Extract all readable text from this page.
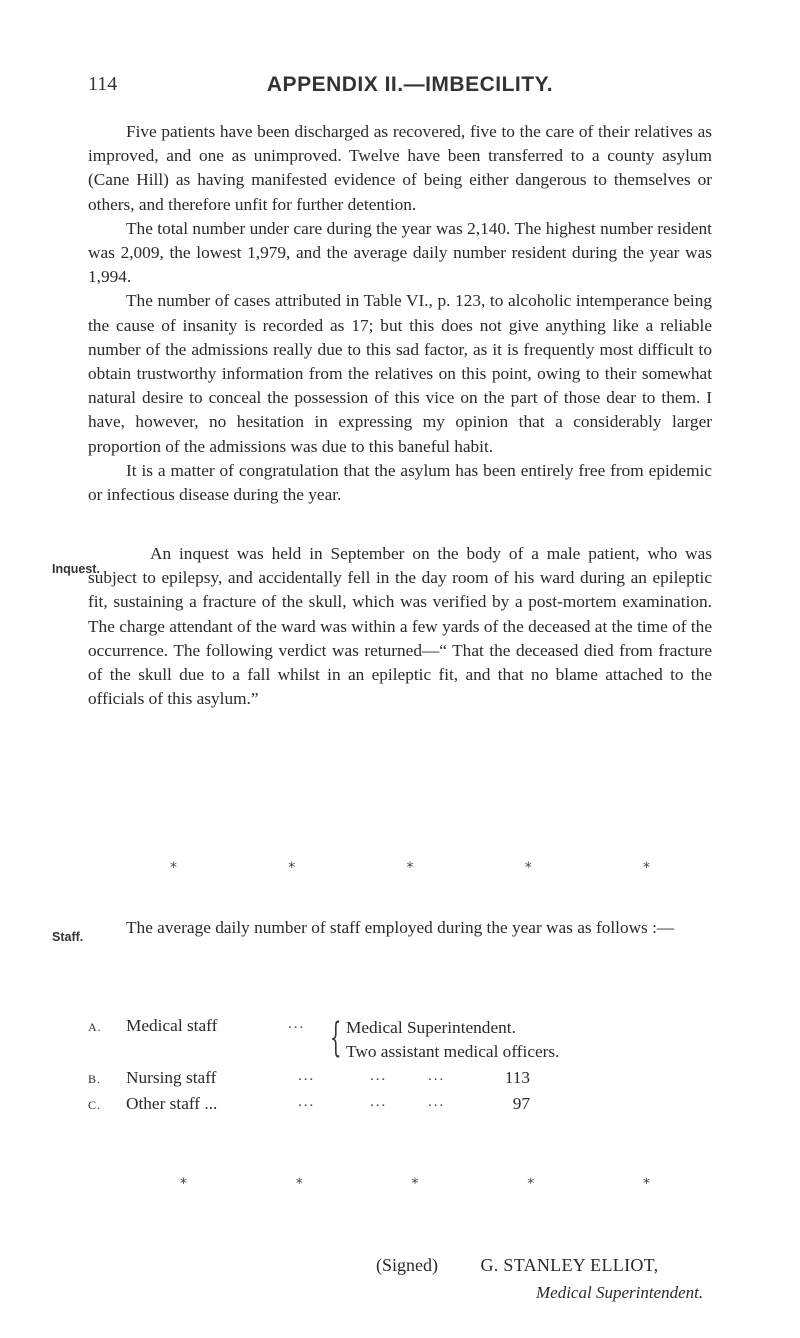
114	APPENDIX II.—IMBECILITY.

Five patients have been discharged as recovered, five to the care of their relatives as improved, and one as unimproved. Twelve have been transferred to a county asylum (Cane Hill) as having manifested evidence of being either dangerous to themselves or others, and therefore unfit for further detention.

The total number under care during the year was 2,140. The highest number resident was 2,009, the lowest 1,979, and the average daily number resident during the year was 1,994.

The number of cases attributed in Table VI., p. 123, to alcoholic intemperance being the cause of insanity is recorded as 17; but this does not give anything like a reliable number of the admissions really due to this sad factor, as it is frequently most difficult to obtain trustworthy information from the relatives on this point, owing to their somewhat natural desire to conceal the possession of this vice on the part of those dear to them. I have, however, no hesitation in expressing my opinion that a considerably larger proportion of the admissions was due to this baneful habit.

It is a matter of congratulation that the asylum has been entirely free from epidemic or infectious disease during the year.

Inquest.

An inquest was held in September on the body of a male patient, who was subject to epilepsy, and accidentally fell in the day room of his ward during an epileptic fit, sustaining a fracture of the skull, which was verified by a post-mortem examination. The charge attendant of the ward was within a few yards of the deceased at the time of the occurrence. The following verdict was returned—“ That the deceased died from fracture of the skull due to a fall whilst in an epileptic fit, and that no blame attached to the officials of this asylum.”

*	*	*	*	*
Staff. The average daily number of staff employed during the year was as follows :—
A. Medical staff	... { Medical Superintendent.
Two assistant medical officers.
B. Nursing staff	...	...	...	113
C. Other staff ...	...	...	...	97
*	*	*	*	*
(Signed) G. STANLEY ELLIOT,
Medical Superintendent.
